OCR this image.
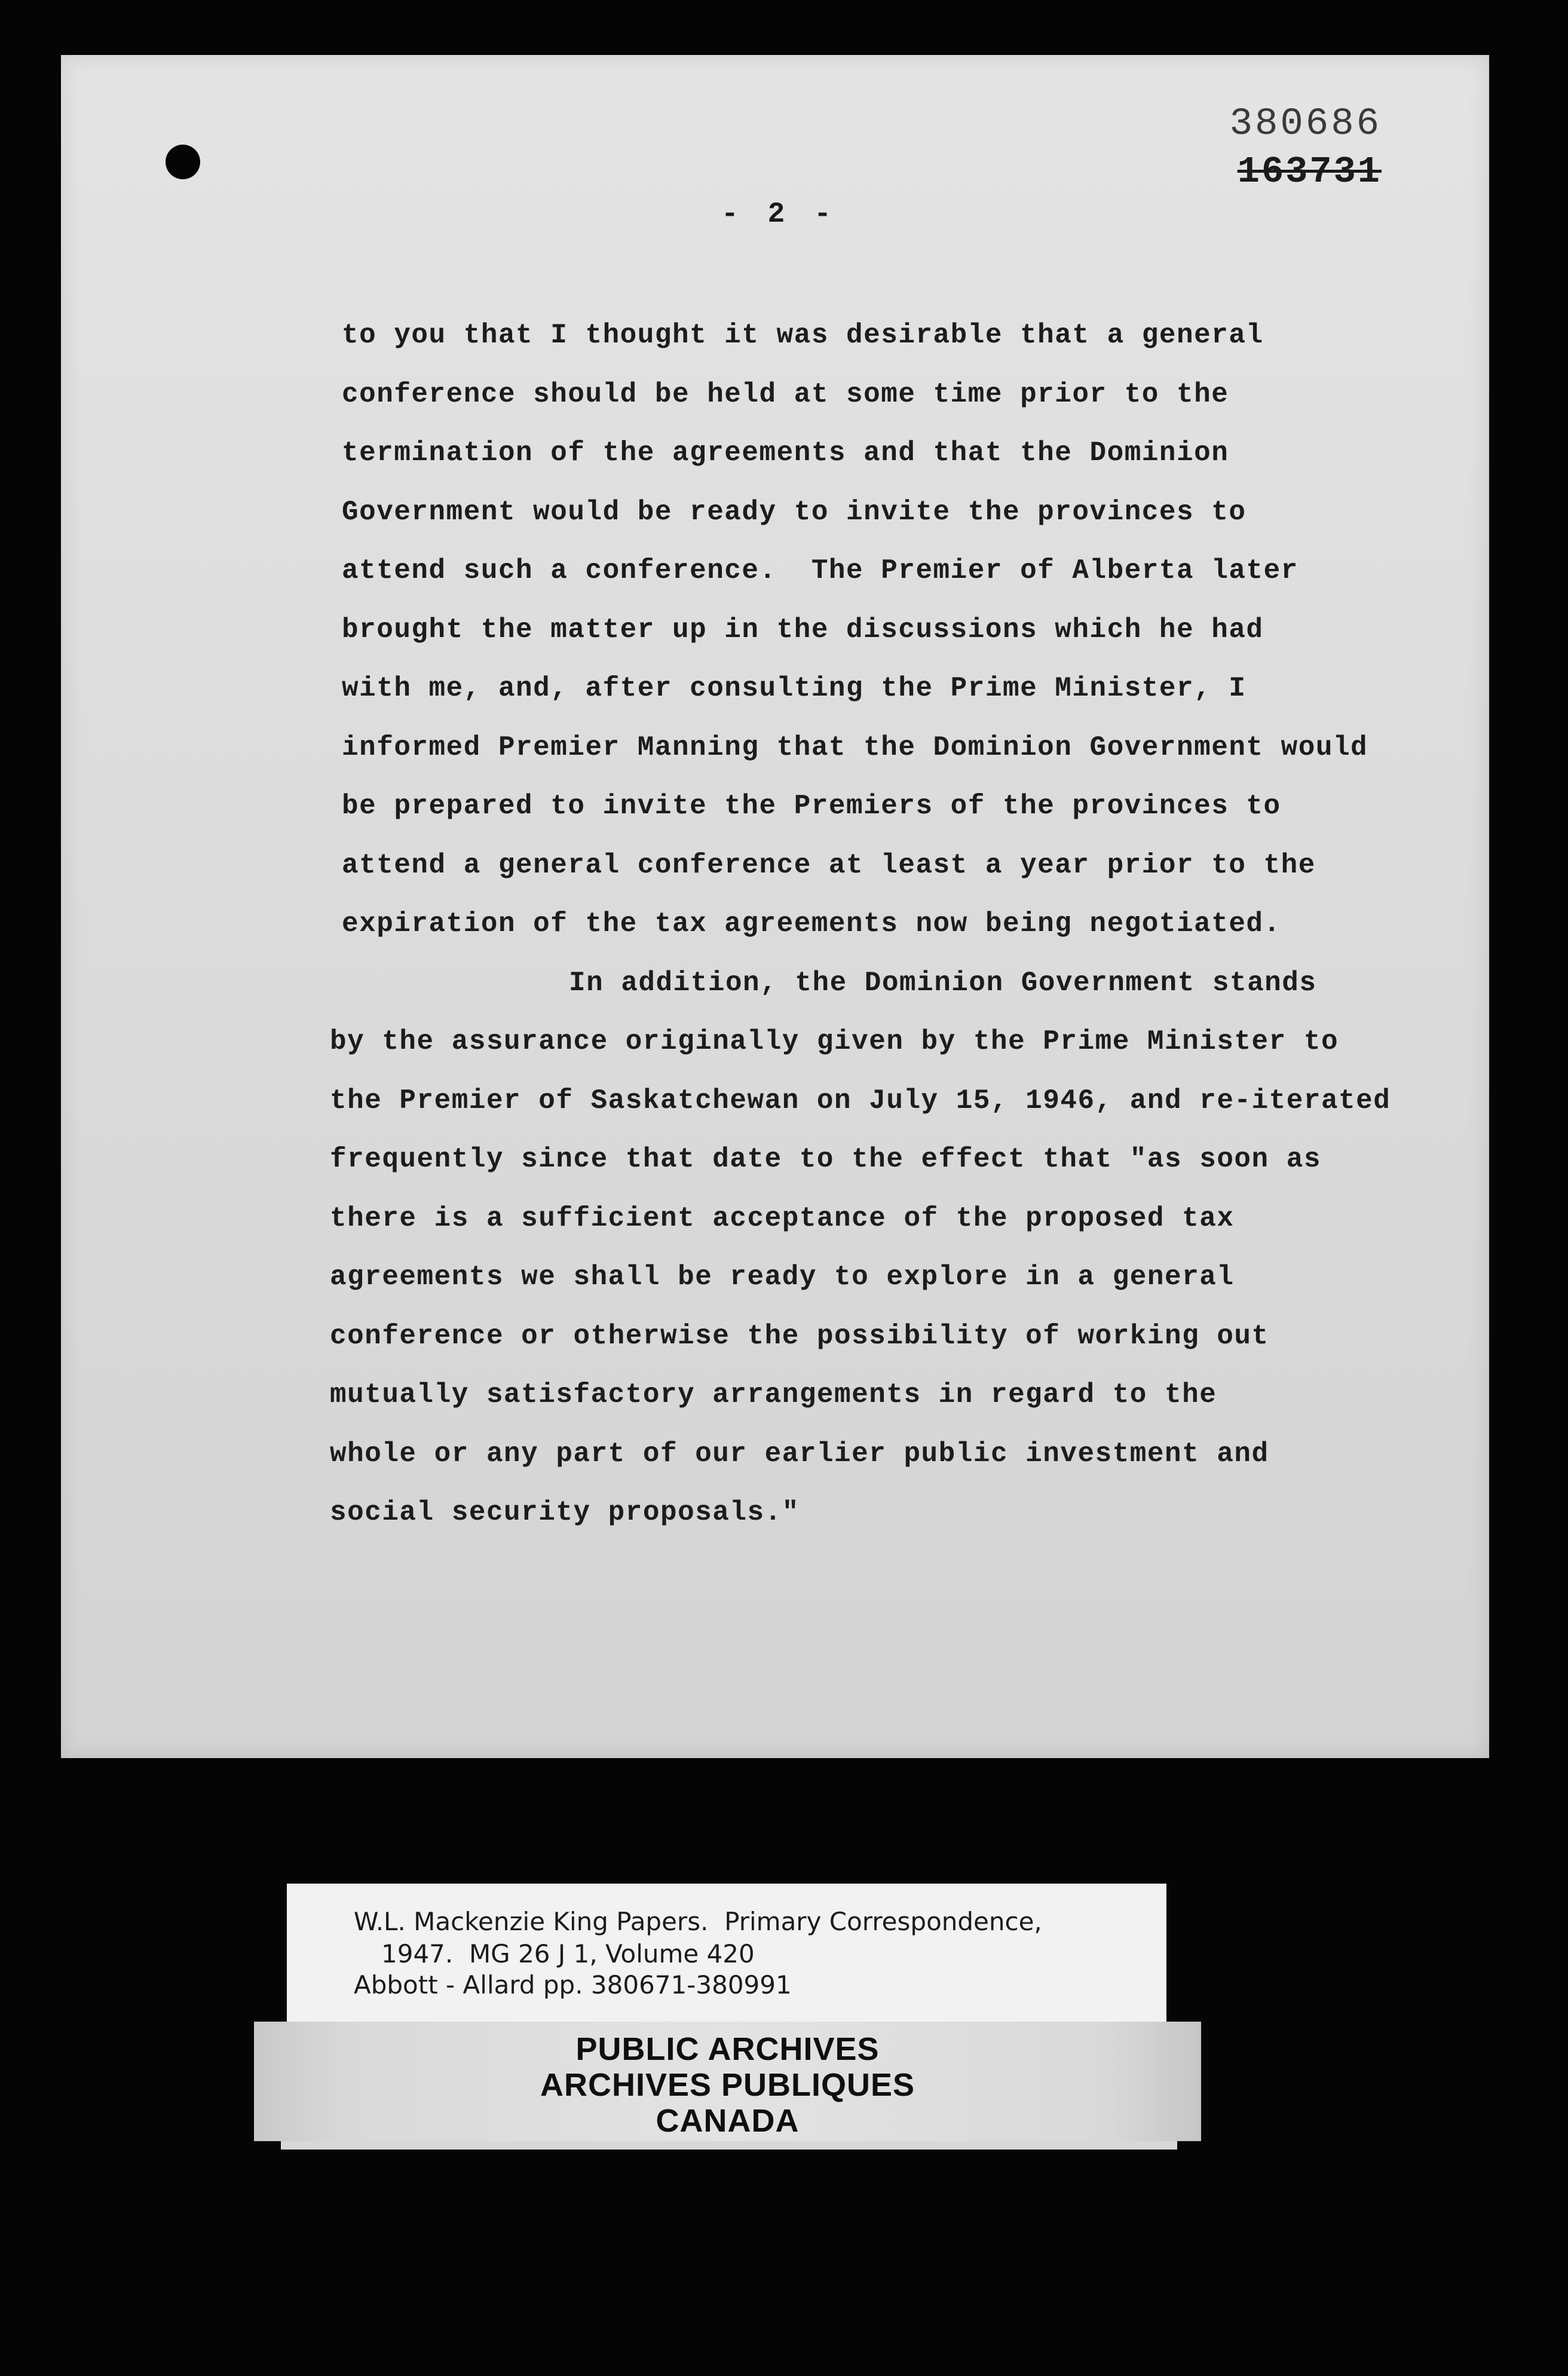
380686
163731
- 2 -
to you that I thought it was desirable that a general
conference should be held at some time prior to the
termination of the agreements and that the Dominion
Government would be ready to invite the provinces to
attend such a conference.  The Premier of Alberta later
brought the matter up in the discussions which he had
with me, and, after consulting the Prime Minister, I
informed Premier Manning that the Dominion Government would
be prepared to invite the Premiers of the provinces to
attend a general conference at least a year prior to the
expiration of the tax agreements now being negotiated.
In addition, the Dominion Government stands
by the assurance originally given by the Prime Minister to
the Premier of Saskatchewan on July 15, 1946, and re-iterated
frequently since that date to the effect that "as soon as
there is a sufficient acceptance of the proposed tax
agreements we shall be ready to explore in a general
conference or otherwise the possibility of working out
mutually satisfactory arrangements in regard to the
whole or any part of our earlier public investment and
social security proposals."
W.L. Mackenzie King Papers.  Primary Correspondence,
1947.  MG 26 J 1, Volume 420
Abbott - Allard pp. 380671-380991
PUBLIC ARCHIVES
ARCHIVES PUBLIQUES
CANADA
